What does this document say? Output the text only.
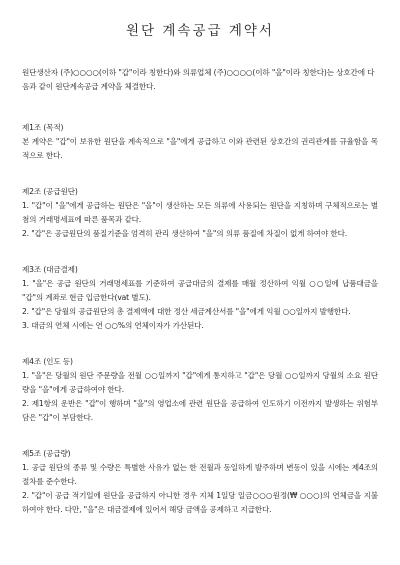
원단 계속공급 계약서

원단생산자 (주)○○○○(이하 "갑"이라 칭한다)와 의류업체 (주)○○○○(이하 "을"이라 칭한다)는 상호간에 다음과 같이 원단계속공급 계약을 체결한다.

제1조 (목적)

본 계약은 "갑"이 보유한 원단을 계속적으로 "을"에게 공급하고 이와 관련된 상호간의 권리관계를 규율함을 목적으로 한다.

제2조 (공급원단)

1. "갑"이 "을"에게 공급하는 원단은 "을"이 생산하는 모든 의류에 사용되는 원단을 지칭하며 구체적으로는 별첨의 거래명세표에 따른 품목과 같다.

2. "갑"은 공급원단의 품질기준을 엄격히 관리 생산하여 "을"의 의류 품질에 차질이 없게 하여야 한다.

제3조 (대금결제)

1. "을"은 공급 원단의 거래명세표를 기준하여 공급대금의 결제를 매월 정산하여 익월 ○○일에 납품대금을 "갑"의 계좌로 현금 입금한다(vat 별도).

2. "갑"은 당월의 공급원단의 총 결제액에 대한 정산 세금계산서를 "을"에게 익월 ○○일까지 발행한다.

3. 대금의 연체 시에는 연 ○○%의 연체이자가 가산된다.

제4조 (인도 등)

1. "을"은 당월의 원단 주문량을 전월 ○○일까지 "갑"에게 통지하고 "갑"은 당월 ○○일까지 당월의 소요 원단량을 "을"에게 공급하여야 한다.

2. 제1항의 운반은 "갑"이 행하며 "을"의 영업소에 관련 원단을 공급하여 인도하기 이전까지 발생하는 위험부담은 "갑"이 부담한다.

제5조 (공급량)

1. 공급 원단의 종류 및 수량은 특별한 사유가 없는 한 전월과 동일하게 발주하며 변동이 있을 시에는 제4조의 절차를 준수한다.

2. "갑"이 공급 적기일에 원단을 공급하지 아니한 경우 지체 1일당 일금○○○원정(₩ ○○○)의 연체금을 지불하여야 한다. 다만, "을"은 대금결제에 있어서 해당 금액을 공제하고 지급한다.
